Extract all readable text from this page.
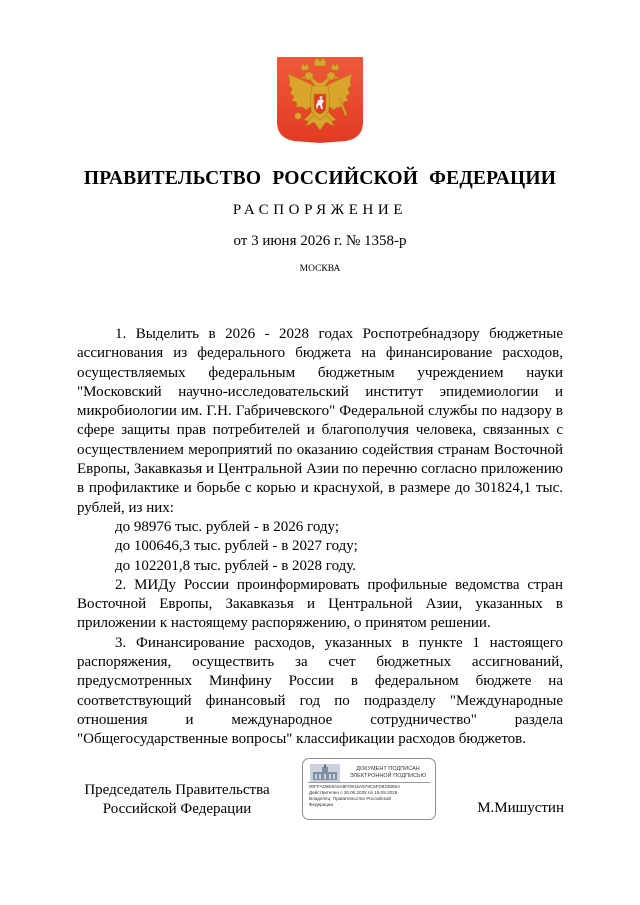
ПРАВИТЕЛЬСТВО РОССИЙСКОЙ ФЕДЕРАЦИИ
РАСПОРЯЖЕНИЕ
от 3 июня 2026 г. № 1358-р
МОСКВА

1. Выделить в 2026 - 2028 годах Роспотребнадзору бюджетные ассигнования из федерального бюджета на финансирование расходов, осуществляемых федеральным бюджетным учреждением науки "Московский научно-исследовательский институт эпидемиологии и микробиологии им. Г.Н. Габричевского" Федеральной службы по надзору в сфере защиты прав потребителей и благополучия человека, связанных с осуществлением мероприятий по оказанию содействия странам Восточной Европы, Закавказья и Центральной Азии по перечню согласно приложению в профилактике и борьбе с корью и краснухой, в размере до 301824,1 тыс. рублей, из них:

до 98976 тыс. рублей - в 2026 году;

до 100646,3 тыс. рублей - в 2027 году;

до 102201,8 тыс. рублей - в 2028 году.

2. МИДу России проинформировать профильные ведомства стран Восточной Европы, Закавказья и Центральной Азии, указанных в приложении к настоящему распоряжению, о принятом решении.

3. Финансирование расходов, указанных в пункте 1 настоящего распоряжения, осуществить за счет бюджетных ассигнований, предусмотренных Минфину России в федеральном бюджете на соответствующий финансовый год по подразделу "Международные отношения и международное сотрудничество" раздела "Общегосударственные вопросы" классификации расходов бюджетов.

Председатель Правительства
Российской Федерации
ДОКУМЕНТ ПОДПИСАН
ЭЛЕКТРОННОЙ ПОДПИСЬЮ
00FFAD6E8A5A8FD815A579C5FD823885A
Действителен с 26.06.2025 по 19.09.2026
Владелец: Правительство Российской
Федерации	М.Мишустин
